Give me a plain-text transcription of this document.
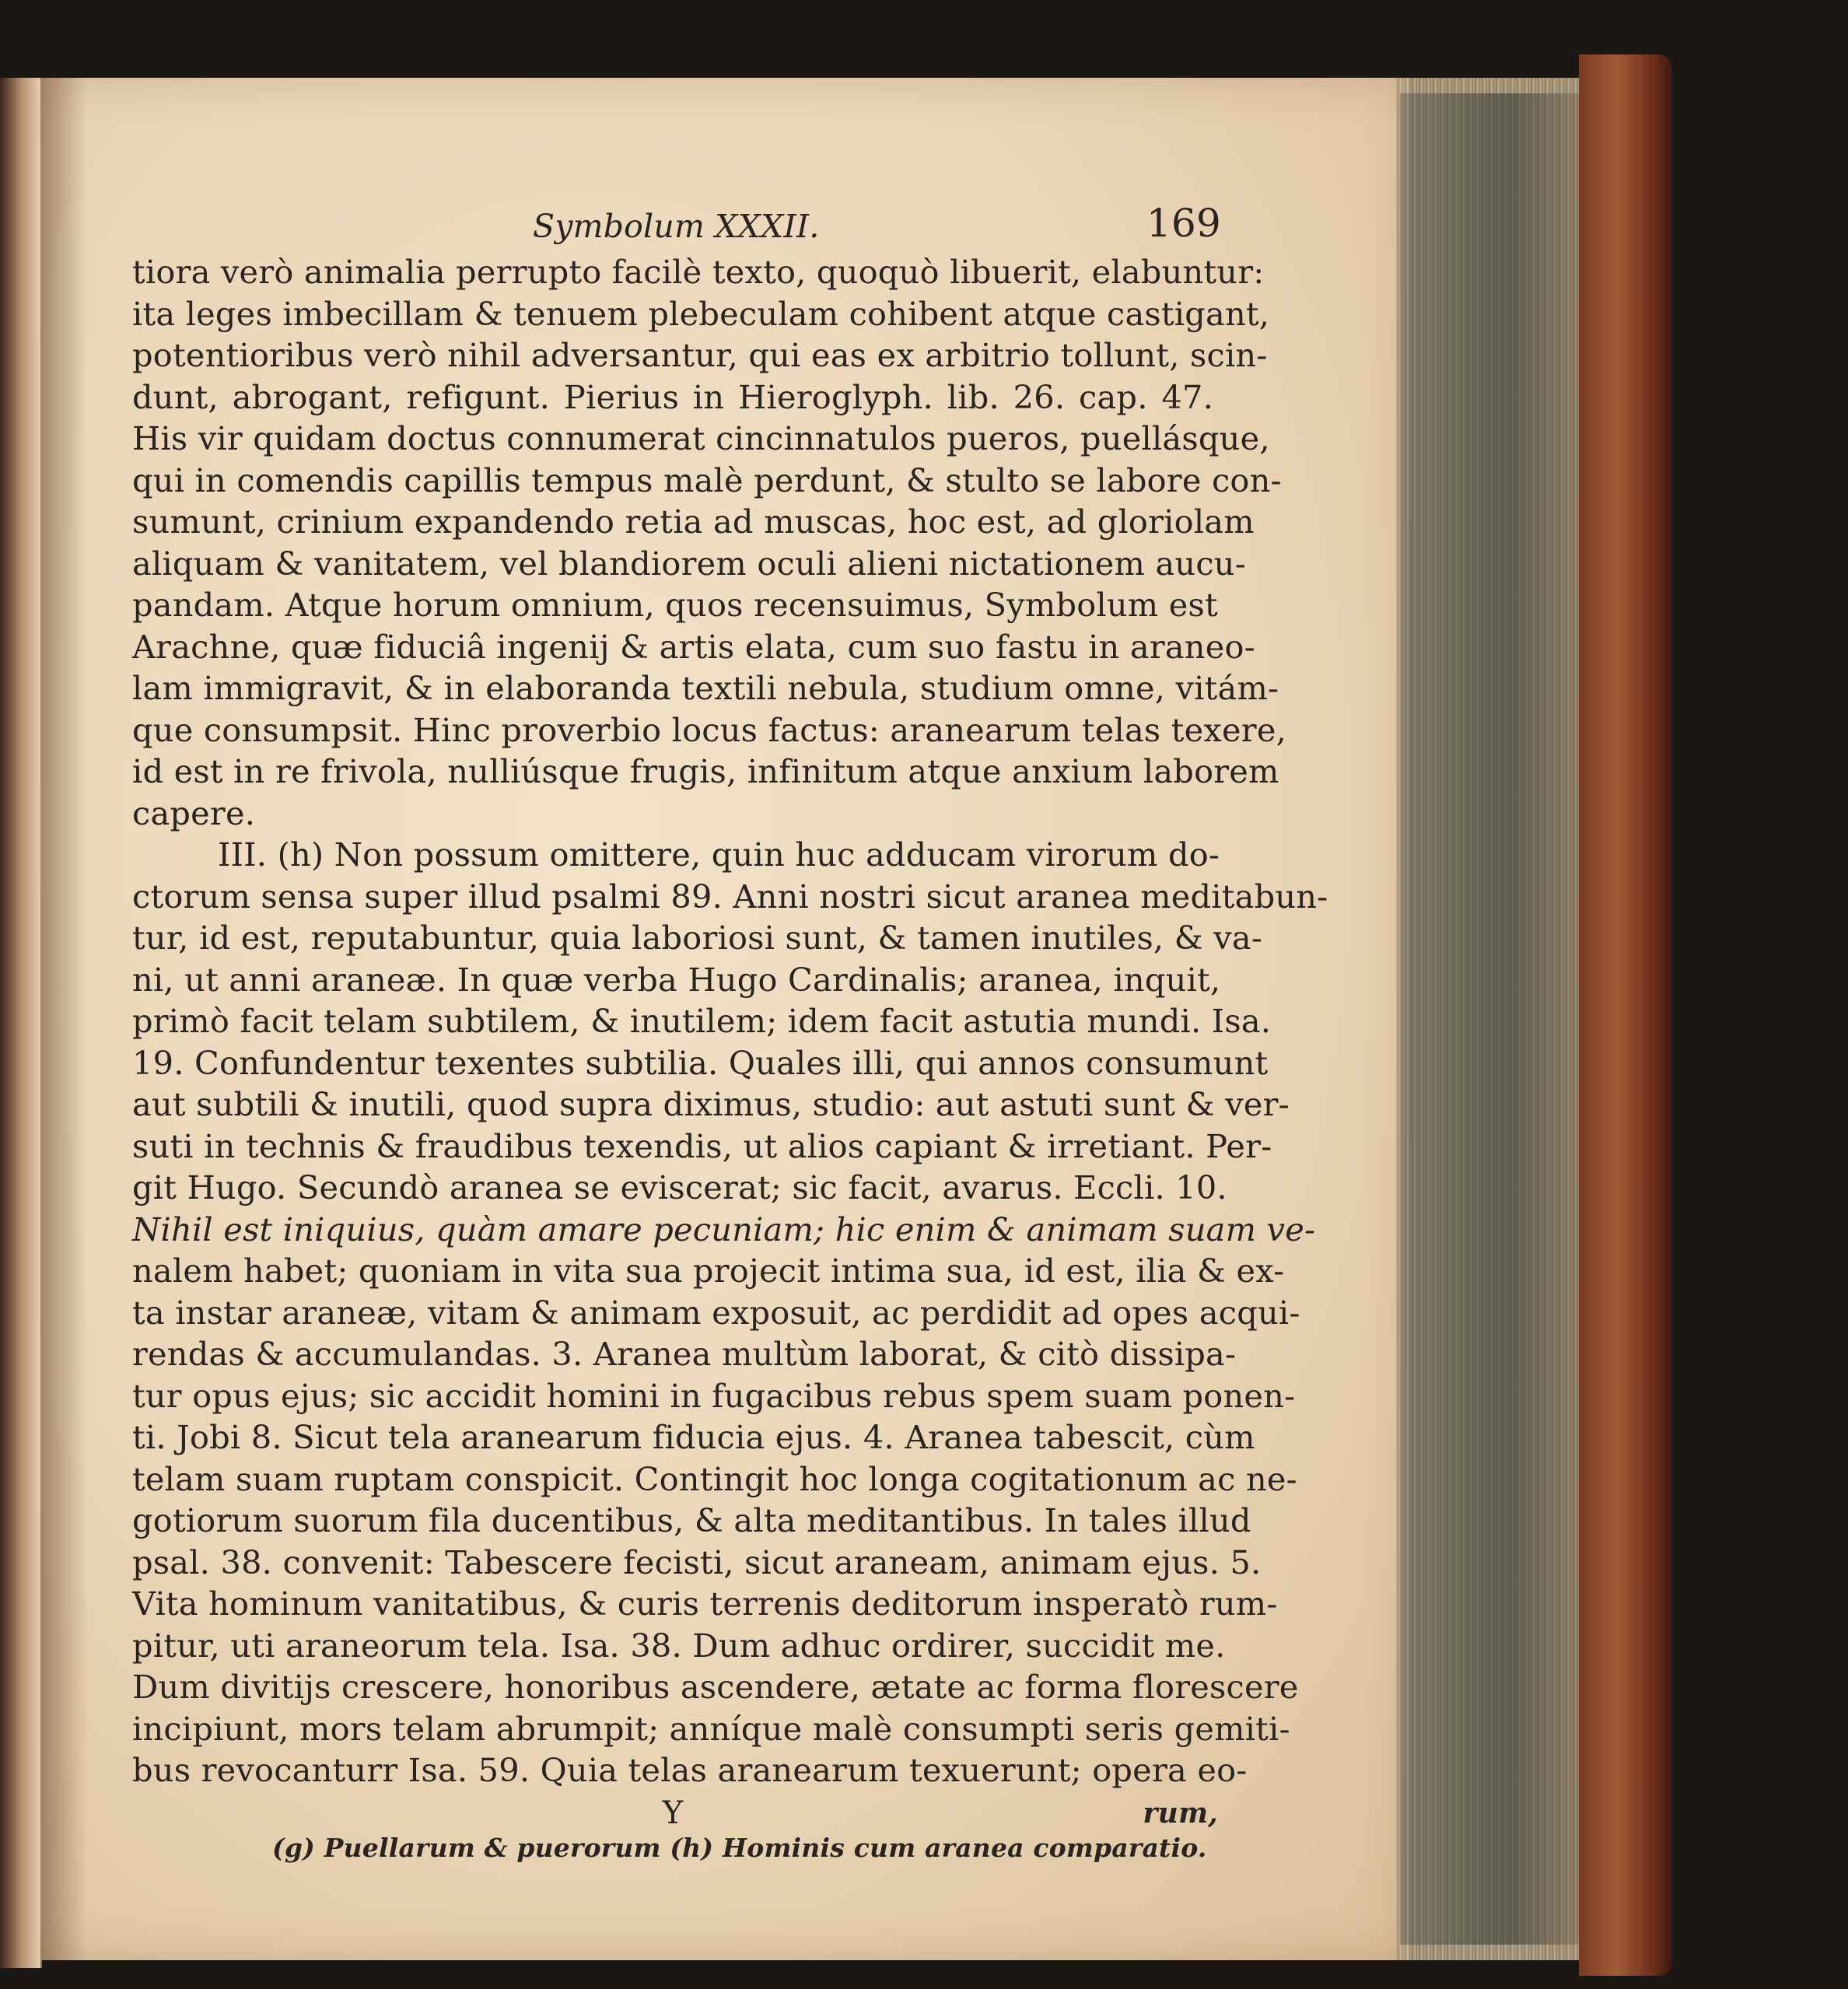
Symbolum XXXII.	169
tiora verò animalia perrupto facilè texto, quoquò libuerit, elabuntur:
ita leges imbecillam & tenuem plebeculam cohibent atque castigant,
potentioribus verò nihil adversantur, qui eas ex arbitrio tollunt, scin-
dunt, abrogant, refigunt. Pierius in Hieroglyph. lib. 26. cap. 47.
His vir quidam doctus connumerat cincinnatulos pueros, puellásque,
qui in comendis capillis tempus malè perdunt, & stulto se labore con-
sumunt, crinium expandendo retia ad muscas, hoc est, ad gloriolam
aliquam & vanitatem, vel blandiorem oculi alieni nictationem aucu-
pandam. Atque horum omnium, quos recensuimus, Symbolum est
Arachne, quæ fiduciâ ingenij & artis elata, cum suo fastu in araneo-
lam immigravit, & in elaboranda textili nebula, studium omne, vitám-
que consumpsit. Hinc proverbio locus factus: aranearum telas texere,
id est in re frivola, nulliúsque frugis, infinitum atque anxium laborem
capere.
III. (h) Non possum omittere, quin huc adducam virorum do-
ctorum sensa super illud psalmi 89. Anni nostri sicut aranea meditabun-
tur, id est, reputabuntur, quia laboriosi sunt, & tamen inutiles, & va-
ni, ut anni araneæ. In quæ verba Hugo Cardinalis; aranea, inquit,
primò facit telam subtilem, & inutilem; idem facit astutia mundi. Isa.
19. Confundentur texentes subtilia. Quales illi, qui annos consumunt
aut subtili & inutili, quod supra diximus, studio: aut astuti sunt & ver-
suti in technis & fraudibus texendis, ut alios capiant & irretiant. Per-
git Hugo. Secundò aranea se eviscerat; sic facit, avarus. Eccli. 10.
Nihil est iniquius, quàm amare pecuniam; hic enim & animam suam ve-
nalem habet; quoniam in vita sua projecit intima sua, id est, ilia & ex-
ta instar araneæ, vitam & animam exposuit, ac perdidit ad opes acqui-
rendas & accumulandas. 3. Aranea multùm laborat, & citò dissipa-
tur opus ejus; sic accidit homini in fugacibus rebus spem suam ponen-
ti. Jobi 8. Sicut tela aranearum fiducia ejus. 4. Aranea tabescit, cùm
telam suam ruptam conspicit. Contingit hoc longa cogitationum ac ne-
gotiorum suorum fila ducentibus, & alta meditantibus. In tales illud
psal. 38. convenit: Tabescere fecisti, sicut araneam, animam ejus. 5.
Vita hominum vanitatibus, & curis terrenis deditorum insperatò rum-
pitur, uti araneorum tela. Isa. 38. Dum adhuc ordirer, succidit me.
Dum divitijs crescere, honoribus ascendere, ætate ac forma florescere
incipiunt, mors telam abrumpit; anníque malè consumpti seris gemiti-
bus revocanturr Isa. 59. Quia telas aranearum texuerunt; opera eo-
Y	rum,
(g) Puellarum & puerorum (h) Hominis cum aranea comparatio.
